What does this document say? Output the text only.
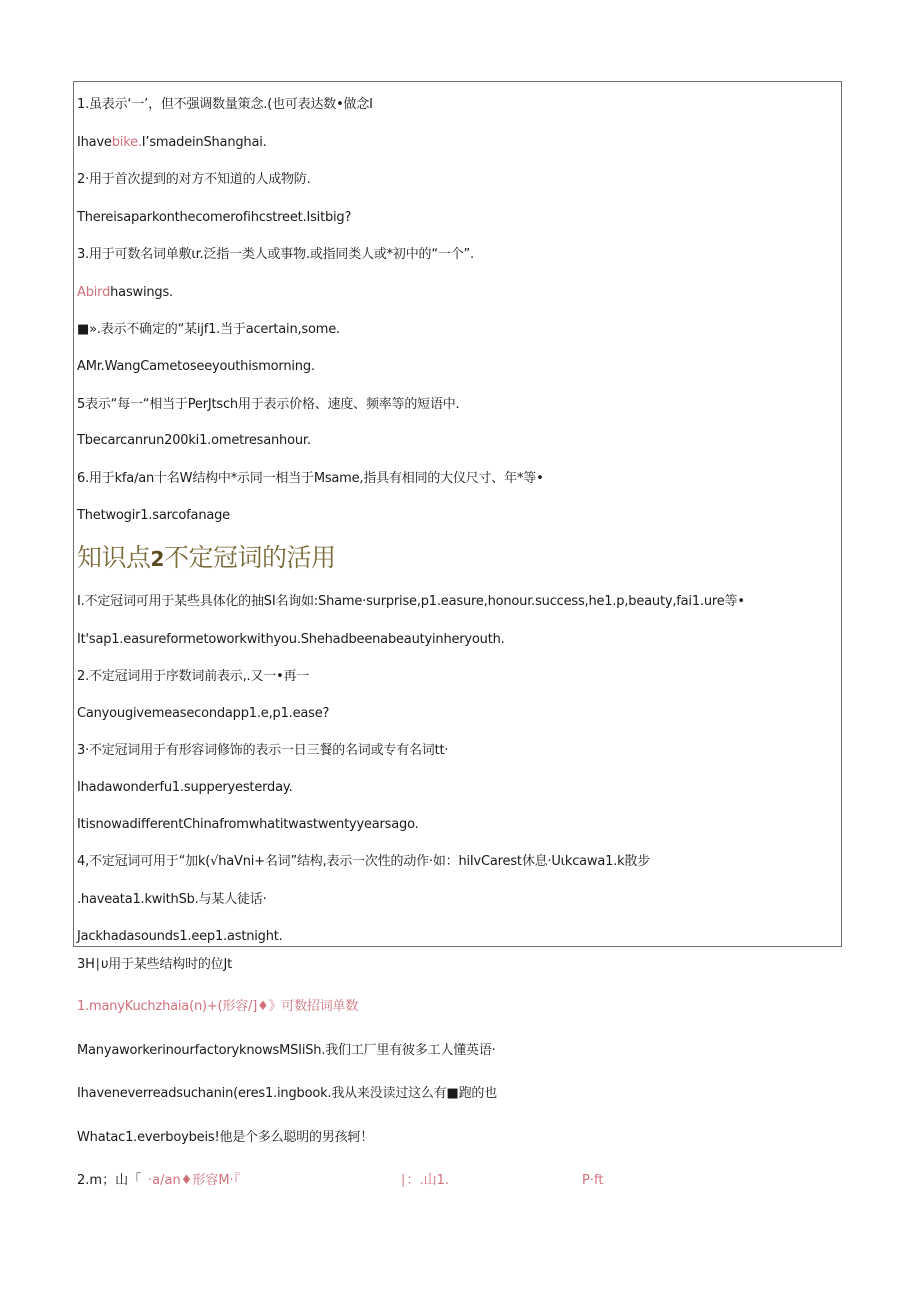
1.虽表示‘一’，但不强调数量策念.(也可表达数•做念I
Ihavebike.I’smadeinShanghai.
2·用于首次提到的对方不知道的人成物防.
Thereisaparkonthecomerofihcstreet.Isitbig?
3.用于可数名词单敷ιr.泛指一类人或事物.或指同类人或*初中的“一个”.
Abirdhaswings.
■».表示不确定的“某ijf1.当于acertain,some.
AMr.WangCametoseeyouthismorning.
5表示“每一“相当于PerJtsch用于表示价格、速度、频率等的短语中.
Tbecarcanrun200ki1.ometresanhour.
6.用于kfa∕an十名W结构中*示同一相当于Msame,指具有相同的大仪尺寸、年*等•
Thetwogir1.sarcofanage
知识点2不定冠词的活用
I.不定冠词可用于某些具体化的抽SI名询如:Shame·surprise,p1.easure,honour.success,he1.p,beauty,fai1.ure等•
It'sap1.easureformetoworkwithyou.Shehadbeenabeautyinheryouth.
2.不定冠词用于序数词前表示,.又一•再一
Canyougivemeasecondapp1.e,p1.ease?
3·不定冠词用于有形容词修饰的表示一日三餐的名词或专有名词tt·
Ihadawonderfu1.supperyesterday.
ItisnowadifferentChinafromwhatitwastwentyyearsago.
4,不定冠词可用于“加k(√haVni+名词”结构,表示一次性的动作·如：hiIvCarest休息·Uιkcawa1.k散步
.haveata1.kwithSb.与某人徒话·
Jackhadasounds1.eep1.astnight.
3H∣υ用于某些结构时的位Jt
1.manyKuchzhaia(n)+(形容/]♦》可数招词单数
ManyaworkerinourfactoryknowsMSIiSh.我们工厂里有彼多工人懂英语·
Ihaveneverreadsuchanin(eres1.ingbook.我从来没读过这么有■跑的也
Whatac1.everboybeis!他是个多么聪明的男孩轲！
2.m；山「 ·a/an♦形容M·『	∣：.山1.	P·ft
